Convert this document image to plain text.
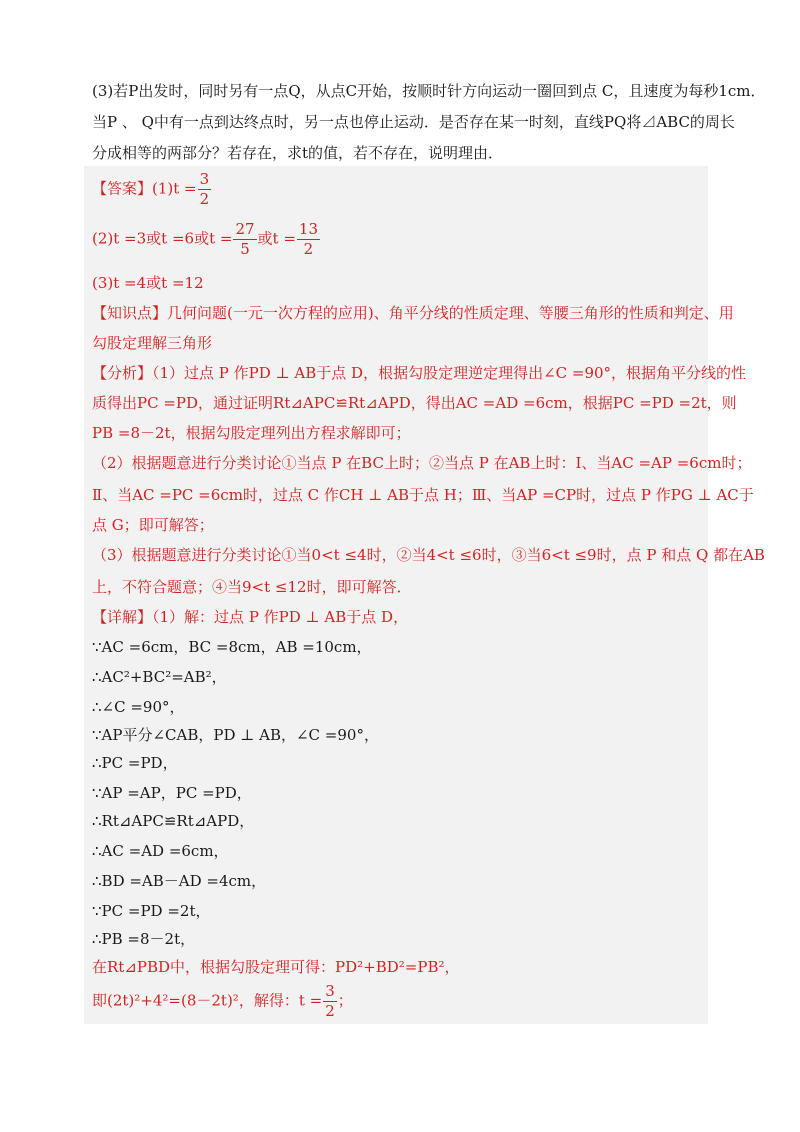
(3)若P出发时，同时另有一点Q，从点C开始，按顺时针方向运动一圈回到点 C，且速度为每秒1cm．
当P 、 Q中有一点到达终点时，另一点也停止运动．是否存在某一时刻，直线PQ将⊿ABC的周长
分成相等的两部分？若存在，求t的值，若不存在，说明理由．
【答案】$(1)t = \frac{3}{2}$
(2)t =3或t =6或$t = \frac{27}{5}$ 或$t = \frac{13}{2}$
(3)t =4或t =12
【知识点】几何问题(一元一次方程的应用)、角平分线的性质定理、等腰三角形的性质和判定、用
勾股定理解三角形
【分析】（1）过点 P 作PD ⊥ AB于点 D，根据勾股定理逆定理得出∠C =90°，根据角平分线的性
质得出PC =PD，通过证明Rt⊿APC≌Rt⊿APD，得出AC =AD =6cm，根据PC =PD =2t，则
PB =8－2t，根据勾股定理列出方程求解即可；
（2）根据题意进行分类讨论①当点 P 在BC上时；②当点 P 在AB上时：Ⅰ、当AC =AP =6cm时；
Ⅱ、当AC =PC =6cm时，过点 C 作CH ⊥ AB于点 H；Ⅲ、当AP =CP时，过点 P 作PG ⊥ AC于
点 G；即可解答；
（3）根据题意进行分类讨论①当0<t ≤4时，②当4<t ≤6时，③当6<t ≤9时，点 P 和点 Q 都在AB
上，不符合题意；④当9<t ≤12时，即可解答．
【详解】（1）解：过点 P 作PD ⊥ AB于点 D，
∵AC =6cm，BC =8cm，AB =10cm，
∴AC²+BC²=AB²，
∴∠C =90°，
∵AP平分∠CAB，PD ⊥ AB，∠C =90°，
∴PC =PD，
∵AP =AP，PC =PD，
∴Rt⊿APC≌Rt⊿APD，
∴AC =AD =6cm，
∴BD =AB－AD =4cm，
∵PC =PD =2t，
∴PB =8－2t，
在Rt⊿PBD中，根据勾股定理可得：PD²+BD²=PB²，
即(2t)²+4²=(8－2t)²，解得：$t = \frac{3}{2}$ ；
